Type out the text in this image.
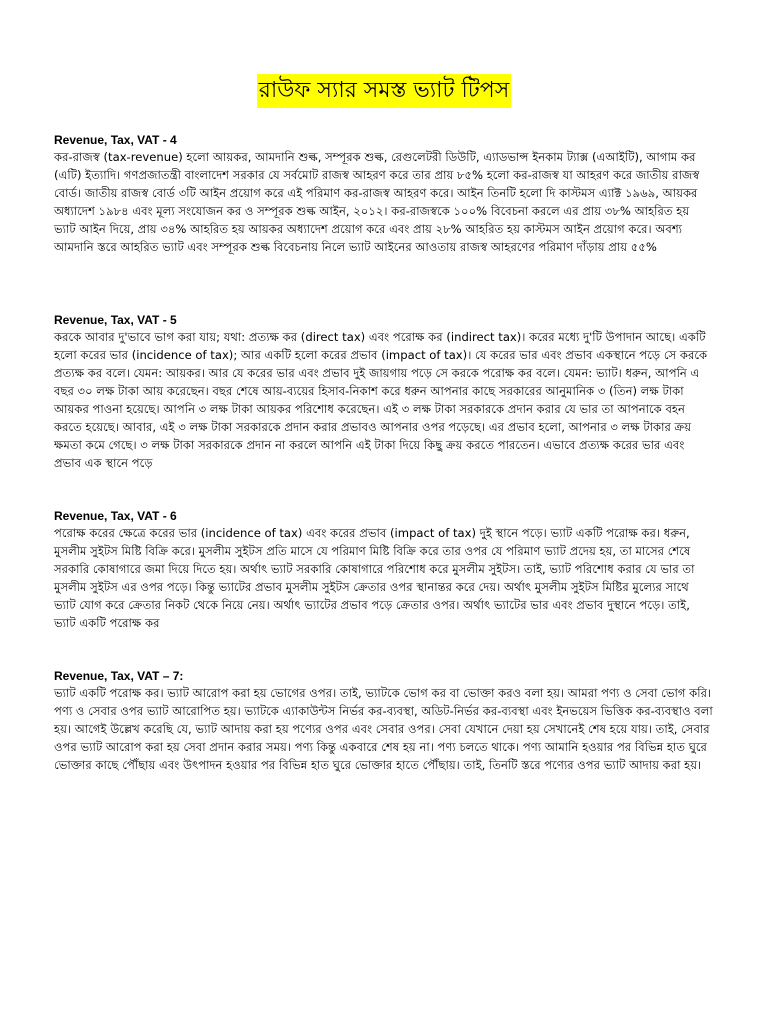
রাউফ স্যার সমস্ত ভ্যাট টিপস

Revenue, Tax, VAT - 4

কর-রাজস্ব (tax-revenue) হলো আয়কর, আমদানি শুল্ক, সম্পূরক শুল্ক, রেগুলেটরী ডিউটি, এ্যাডভান্স ইনকাম ট্যাক্স (এআইটি), আগাম কর (এটি) ইত্যাদি। গণপ্রজাতন্ত্রী বাংলাদেশ সরকার যে সর্বমোট রাজস্ব আহরণ করে তার প্রায় ৮৫% হলো কর-রাজস্ব যা আহরণ করে জাতীয় রাজস্ব বোর্ড। জাতীয় রাজস্ব বোর্ড ৩টি আইন প্রয়োগ করে এই পরিমাণ কর-রাজস্ব আহরণ করে। আইন তিনটি হলো দি কাস্টমস এ্যাক্ট ১৯৬৯, আয়কর অধ্যাদেশ ১৯৮৪ এবং মূল্য সংযোজন কর ও সম্পূরক শুল্ক আইন, ২০১২। কর-রাজস্বকে ১০০% বিবেচনা করলে এর প্রায় ৩৮% আহরিত হয় ভ্যাট আইন দিয়ে, প্রায় ৩৪% আহরিত হয় আয়কর অধ্যাদেশ প্রয়োগ করে এবং প্রায় ২৮% আহরিত হয় কাস্টমস আইন প্রয়োগ করে। অবশ্য আমদানি স্তরে আহরিত ভ্যাট এবং সম্পূরক শুল্ক বিবেচনায় নিলে ভ্যাট আইনের আওতায় রাজস্ব আহরণের পরিমাণ দাঁড়ায় প্রায় ৫৫%

Revenue, Tax, VAT - 5

করকে আবার দু'ভাবে ভাগ করা যায়; যথা: প্রত্যক্ষ কর (direct tax) এবং পরোক্ষ কর (indirect tax)। করের মধ্যে দু'টি উপাদান আছে। একটি হলো করের ভার (incidence of tax); আর একটি হলো করের প্রভাব (impact of tax)। যে করের ভার এবং প্রভাব একস্থানে পড়ে সে করকে প্রত্যক্ষ কর বলে। যেমন: আয়কর। আর যে করের ভার এবং প্রভাব দুই জায়গায় পড়ে সে করকে পরোক্ষ কর বলে। যেমন: ভ্যাট। ধরুন, আপনি এ বছর ৩০ লক্ষ টাকা আয় করেছেন। বছর শেষে আয়-ব্যয়ের হিসাব-নিকাশ করে ধরুন আপনার কাছে সরকারের আনুমানিক ৩ (তিন) লক্ষ টাকা আয়কর পাওনা হয়েছে। আপনি ৩ লক্ষ টাকা আয়কর পরিশোধ করেছেন। এই ৩ লক্ষ টাকা সরকারকে প্রদান করার যে ভার তা আপনাকে বহন করতে হয়েছে। আবার, এই ৩ লক্ষ টাকা সরকারকে প্রদান করার প্রভাবও আপনার ওপর পড়েছে। এর প্রভাব হলো, আপনার ৩ লক্ষ টাকার ক্রয় ক্ষমতা কমে গেছে। ৩ লক্ষ টাকা সরকারকে প্রদান না করলে আপনি এই টাকা দিয়ে কিছু ক্রয় করতে পারতেন। এভাবে প্রত্যক্ষ করের ভার এবং প্রভাব এক স্থানে পড়ে

Revenue, Tax, VAT - 6

পরোক্ষ করের ক্ষেত্রে করের ভার (incidence of tax) এবং করের প্রভাব (impact of tax) দুই স্থানে পড়ে। ভ্যাট একটি পরোক্ষ কর। ধরুন, মুসলীম সুইটস মিষ্টি বিক্রি করে। মুসলীম সুইটস প্রতি মাসে যে পরিমাণ মিষ্টি বিক্রি করে তার ওপর যে পরিমাণ ভ্যাট প্রদেয় হয়, তা মাসের শেষে সরকারি কোষাগারে জমা দিয়ে দিতে হয়। অর্থাৎ ভ্যাট সরকারি কোষাগারে পরিশোধ করে মুসলীম সুইটস। তাই, ভ্যাট পরিশোধ করার যে ভার তা মুসলীম সুইটস এর ওপর পড়ে। কিন্তু ভ্যাটের প্রভাব মুসলীম সুইটস ক্রেতার ওপর স্থানান্তর করে দেয়। অর্থাৎ মুসলীম সুইটস মিষ্টির মুল্যের সাথে ভ্যাট যোগ করে ক্রেতার নিকট থেকে নিয়ে নেয়। অর্থাৎ ভ্যাটের প্রভাব পড়ে ক্রেতার ওপর। অর্থাৎ ভ্যাটের ভার এবং প্রভাব দুস্থানে পড়ে। তাই, ভ্যাট একটি পরোক্ষ কর

Revenue, Tax, VAT – 7:

ভ্যাট একটি পরোক্ষ কর। ভ্যাট আরোপ করা হয় ভোগের ওপর। তাই, ভ্যাটকে ভোগ কর বা ভোক্তা করও বলা হয়। আমরা পণ্য ও সেবা ভোগ করি। পণ্য ও সেবার ওপর ভ্যাট আরোপিত হয়। ভ্যাটকে এ্যাকাউন্টস নির্ভর কর-ব্যবস্থা, অডিট-নির্ভর কর-ব্যবস্থা এবং ইনভয়েস ভিত্তিক কর-ব্যবস্থাও বলা হয়। আগেই উল্লেখ করেছি যে, ভ্যাট আদায় করা হয় পণ্যের ওপর এবং সেবার ওপর। সেবা যেখানে দেয়া হয় সেখানেই শেষ হয়ে যায়। তাই, সেবার ওপর ভ্যাট আরোপ করা হয় সেবা প্রদান করার সময়। পণ্য কিন্তু একবারে শেষ হয় না। পণ্য চলতে থাকে। পণ্য আমানি হওয়ার পর বিভিন্ন হাত ঘুরে ভোক্তার কাছে পৌঁছায় এবং উৎপাদন হওয়ার পর বিভিন্ন হাত ঘুরে ভোক্তার হাতে পৌঁছায়। তাই, তিনটি স্তরে পণ্যের ওপর ভ্যাট আদায় করা হয়।
